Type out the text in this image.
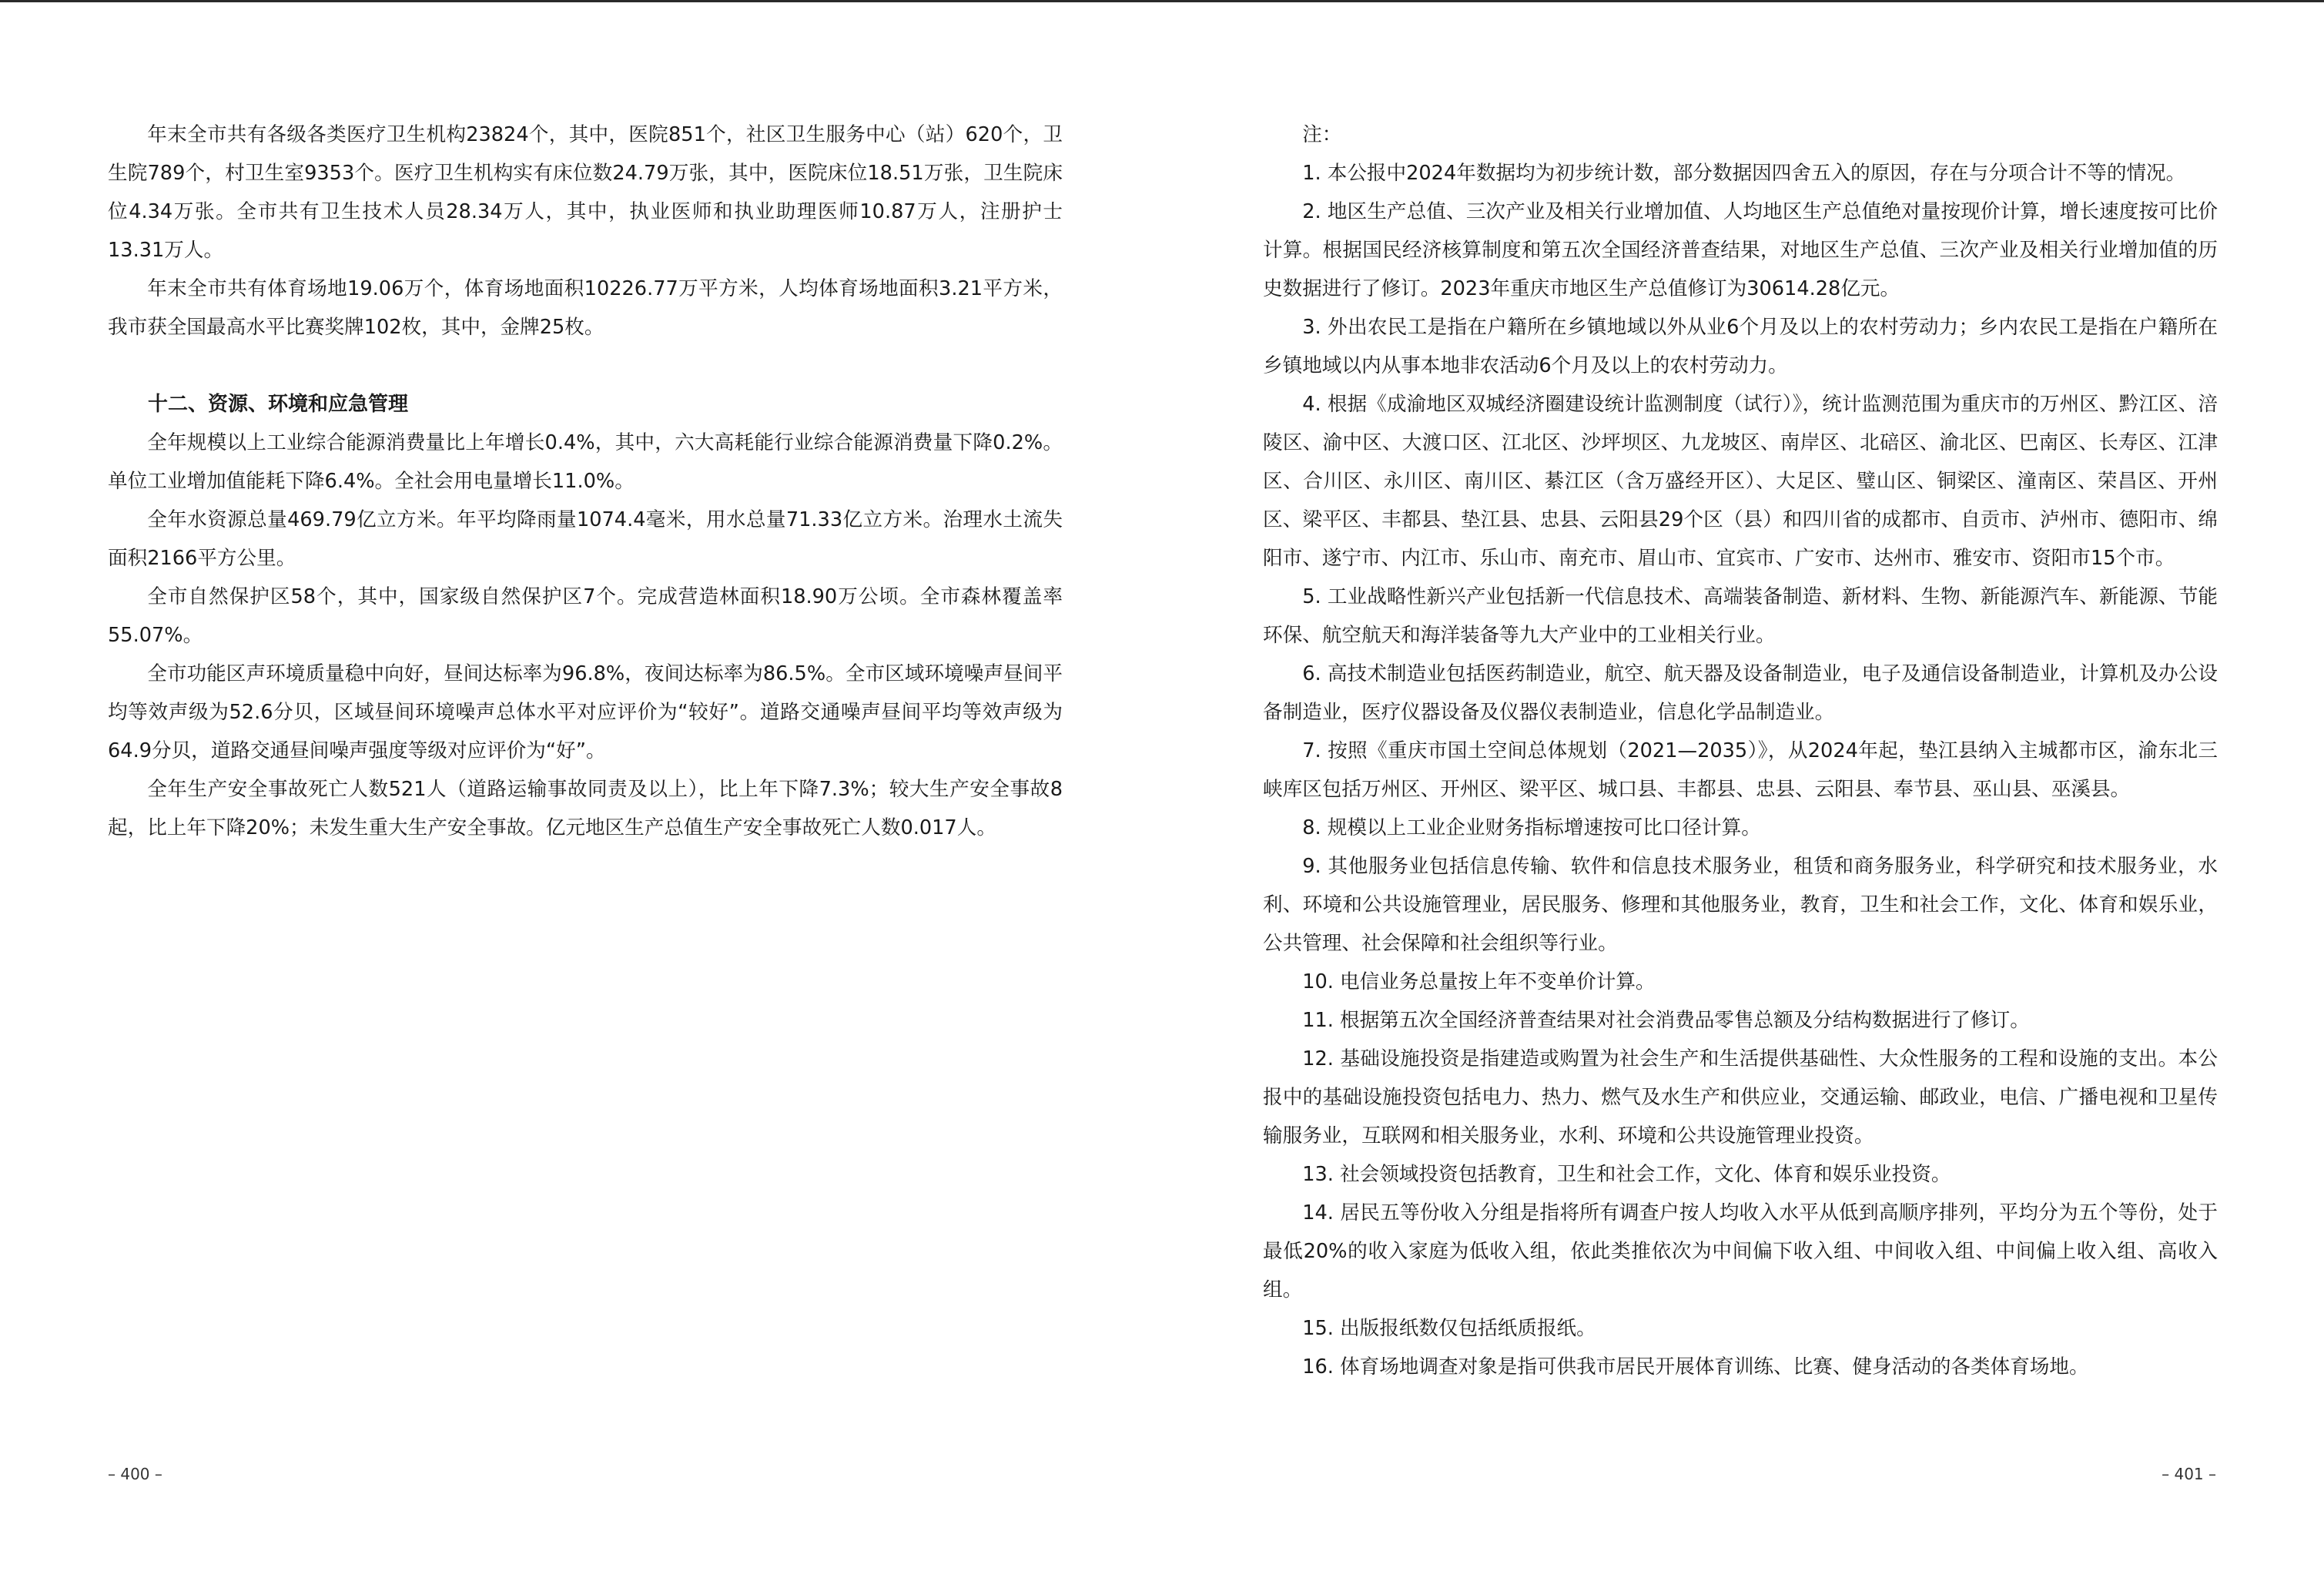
年末全市共有各级各类医疗卫生机构23824个，其中，医院851个，社区卫生服务中心（站）620个，卫生院789个，村卫生室9353个。医疗卫生机构实有床位数24.79万张，其中，医院床位18.51万张，卫生院床位4.34万张。全市共有卫生技术人员28.34万人，其中，执业医师和执业助理医师10.87万人，注册护士13.31万人。

年末全市共有体育场地19.06万个，体育场地面积10226.77万平方米，人均体育场地面积3.21平方米，我市获全国最高水平比赛奖牌102枚，其中，金牌25枚。

十二、资源、环境和应急管理

全年规模以上工业综合能源消费量比上年增长0.4%，其中，六大高耗能行业综合能源消费量下降0.2%。单位工业增加值能耗下降6.4%。全社会用电量增长11.0%。

全年水资源总量469.79亿立方米。年平均降雨量1074.4毫米，用水总量71.33亿立方米。治理水土流失面积2166平方公里。

全市自然保护区58个，其中，国家级自然保护区7个。完成营造林面积18.90万公顷。全市森林覆盖率55.07%。

全市功能区声环境质量稳中向好，昼间达标率为96.8%，夜间达标率为86.5%。全市区域环境噪声昼间平均等效声级为52.6分贝，区域昼间环境噪声总体水平对应评价为“较好”。道路交通噪声昼间平均等效声级为64.9分贝，道路交通昼间噪声强度等级对应评价为“好”。

全年生产安全事故死亡人数521人（道路运输事故同责及以上），比上年下降7.3%；较大生产安全事故8起，比上年下降20%；未发生重大生产安全事故。亿元地区生产总值生产安全事故死亡人数0.017人。

– 400 –

注：

1. 本公报中2024年数据均为初步统计数，部分数据因四舍五入的原因，存在与分项合计不等的情况。

2. 地区生产总值、三次产业及相关行业增加值、人均地区生产总值绝对量按现价计算，增长速度按可比价计算。根据国民经济核算制度和第五次全国经济普查结果，对地区生产总值、三次产业及相关行业增加值的历史数据进行了修订。2023年重庆市地区生产总值修订为30614.28亿元。

3. 外出农民工是指在户籍所在乡镇地域以外从业6个月及以上的农村劳动力；乡内农民工是指在户籍所在乡镇地域以内从事本地非农活动6个月及以上的农村劳动力。

4. 根据《成渝地区双城经济圈建设统计监测制度（试行）》，统计监测范围为重庆市的万州区、黔江区、涪陵区、渝中区、大渡口区、江北区、沙坪坝区、九龙坡区、南岸区、北碚区、渝北区、巴南区、长寿区、江津区、合川区、永川区、南川区、綦江区（含万盛经开区）、大足区、璧山区、铜梁区、潼南区、荣昌区、开州区、梁平区、丰都县、垫江县、忠县、云阳县29个区（县）和四川省的成都市、自贡市、泸州市、德阳市、绵阳市、遂宁市、内江市、乐山市、南充市、眉山市、宜宾市、广安市、达州市、雅安市、资阳市15个市。

5. 工业战略性新兴产业包括新一代信息技术、高端装备制造、新材料、生物、新能源汽车、新能源、节能环保、航空航天和海洋装备等九大产业中的工业相关行业。

6. 高技术制造业包括医药制造业，航空、航天器及设备制造业，电子及通信设备制造业，计算机及办公设备制造业，医疗仪器设备及仪器仪表制造业，信息化学品制造业。

7. 按照《重庆市国土空间总体规划（2021—2035）》，从2024年起，垫江县纳入主城都市区，渝东北三峡库区包括万州区、开州区、梁平区、城口县、丰都县、忠县、云阳县、奉节县、巫山县、巫溪县。

8. 规模以上工业企业财务指标增速按可比口径计算。

9. 其他服务业包括信息传输、软件和信息技术服务业，租赁和商务服务业，科学研究和技术服务业，水利、环境和公共设施管理业，居民服务、修理和其他服务业，教育，卫生和社会工作，文化、体育和娱乐业，公共管理、社会保障和社会组织等行业。

10. 电信业务总量按上年不变单价计算。

11. 根据第五次全国经济普查结果对社会消费品零售总额及分结构数据进行了修订。

12. 基础设施投资是指建造或购置为社会生产和生活提供基础性、大众性服务的工程和设施的支出。本公报中的基础设施投资包括电力、热力、燃气及水生产和供应业，交通运输、邮政业，电信、广播电视和卫星传输服务业，互联网和相关服务业，水利、环境和公共设施管理业投资。

13. 社会领域投资包括教育，卫生和社会工作，文化、体育和娱乐业投资。

14. 居民五等份收入分组是指将所有调查户按人均收入水平从低到高顺序排列，平均分为五个等份，处于最低20%的收入家庭为低收入组，依此类推依次为中间偏下收入组、中间收入组、中间偏上收入组、高收入组。

15. 出版报纸数仅包括纸质报纸。

16. 体育场地调查对象是指可供我市居民开展体育训练、比赛、健身活动的各类体育场地。

– 401 –
